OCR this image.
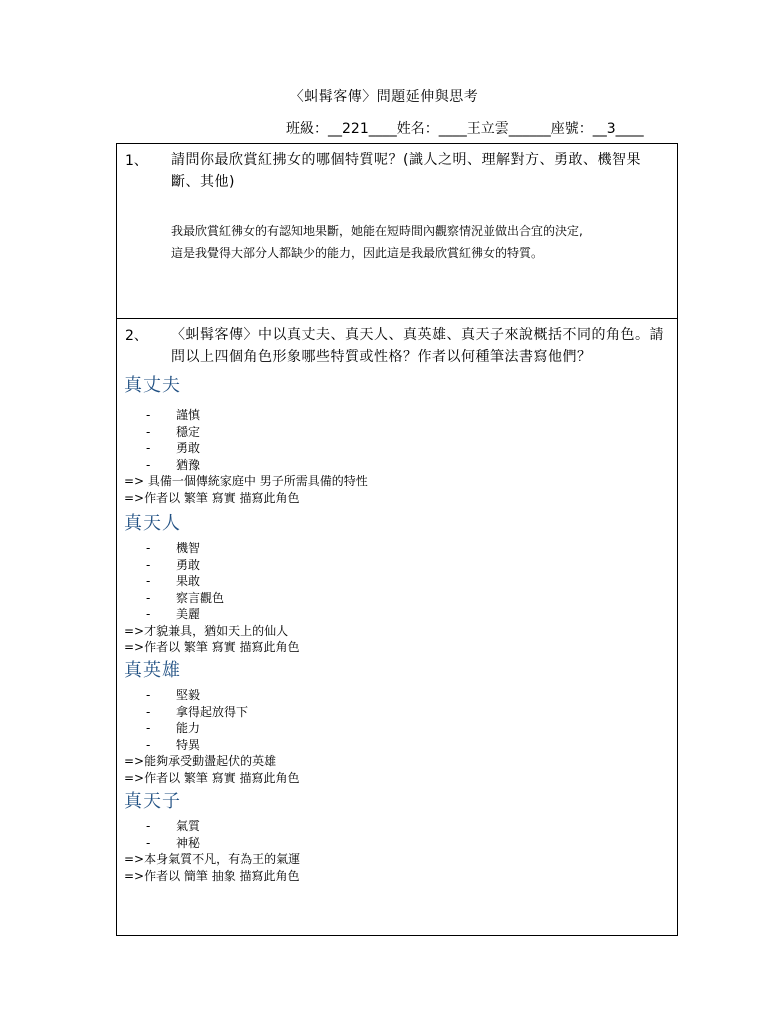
〈虯髯客傳〉問題延伸與思考
班級：__221____姓名：____王立雲______座號：__3____
1、 請問你最欣賞紅拂女的哪個特質呢？(識人之明、理解對方、勇敢、機智果
斷、其他)
我最欣賞紅彿女的有認知地果斷，她能在短時間內觀察情況並做出合宜的決定,
這是我覺得大部分人都缺少的能力，因此這是我最欣賞紅彿女的特質。
2、 〈虯髯客傳〉中以真丈夫、真天人、真英雄、真天子來說概括不同的角色。請
問以上四個角色形象哪些特質或性格？作者以何種筆法書寫他們？
真丈夫
- 謹慎
- 穩定
- 勇敢
- 猶豫
=> 具備一個傳統家庭中 男子所需具備的特性
=>作者以 繁筆 寫實 描寫此角色
真天人
- 機智
- 勇敢
- 果敢
- 察言觀色
- 美麗
=>才貌兼具，猶如天上的仙人
=>作者以 繁筆 寫實 描寫此角色
真英雄
- 堅毅
- 拿得起放得下
- 能力
- 特異
=>能夠承受動盪起伏的英雄
=>作者以 繁筆 寫實 描寫此角色
真天子
- 氣質
- 神秘
=>本身氣質不凡，有為王的氣運
=>作者以 簡筆 抽象 描寫此角色
